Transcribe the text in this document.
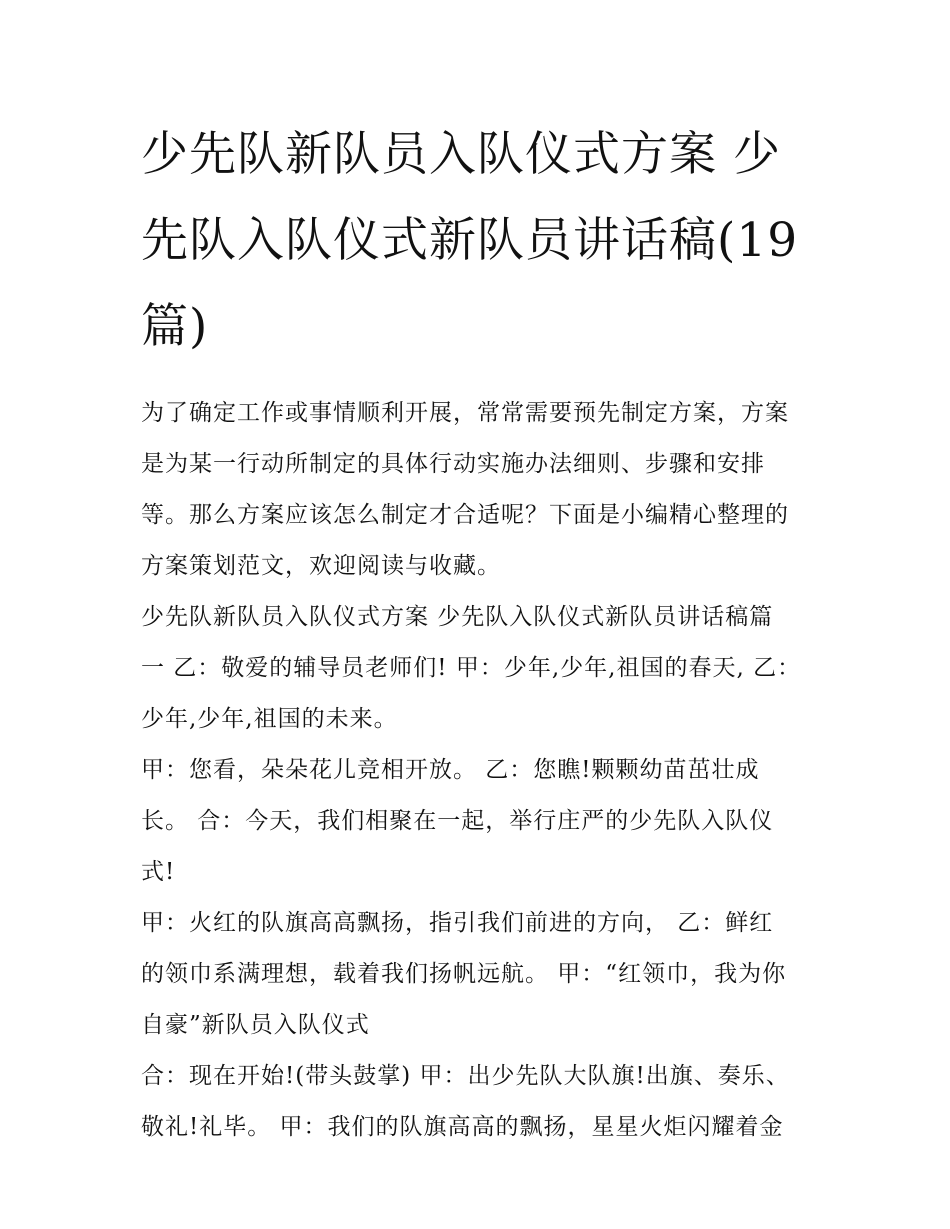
少先队新队员入队仪式方案 少
先队入队仪式新队员讲话稿(19
篇)

为了确定工作或事情顺利开展，常常需要预先制定方案，方案
是为某一行动所制定的具体行动实施办法细则、步骤和安排
等。那么方案应该怎么制定才合适呢？下面是小编精心整理的
方案策划范文，欢迎阅读与收藏。

少先队新队员入队仪式方案 少先队入队仪式新队员讲话稿篇
一 乙：敬爱的辅导员老师们! 甲：少年,少年,祖国的春天, 乙：
少年,少年,祖国的未来。

甲：您看，朵朵花儿竞相开放。 乙：您瞧!颗颗幼苗茁壮成
长。 合：今天，我们相聚在一起，举行庄严的少先队入队仪
式!

甲：火红的队旗高高飘扬，指引我们前进的方向， 乙：鲜红
的领巾系满理想，载着我们扬帆远航。 甲：“红领巾，我为你
自豪”新队员入队仪式

合：现在开始!(带头鼓掌) 甲：出少先队大队旗!出旗、奏乐、
敬礼!礼毕。 甲：我们的队旗高高的飘扬，星星火炬闪耀着金
